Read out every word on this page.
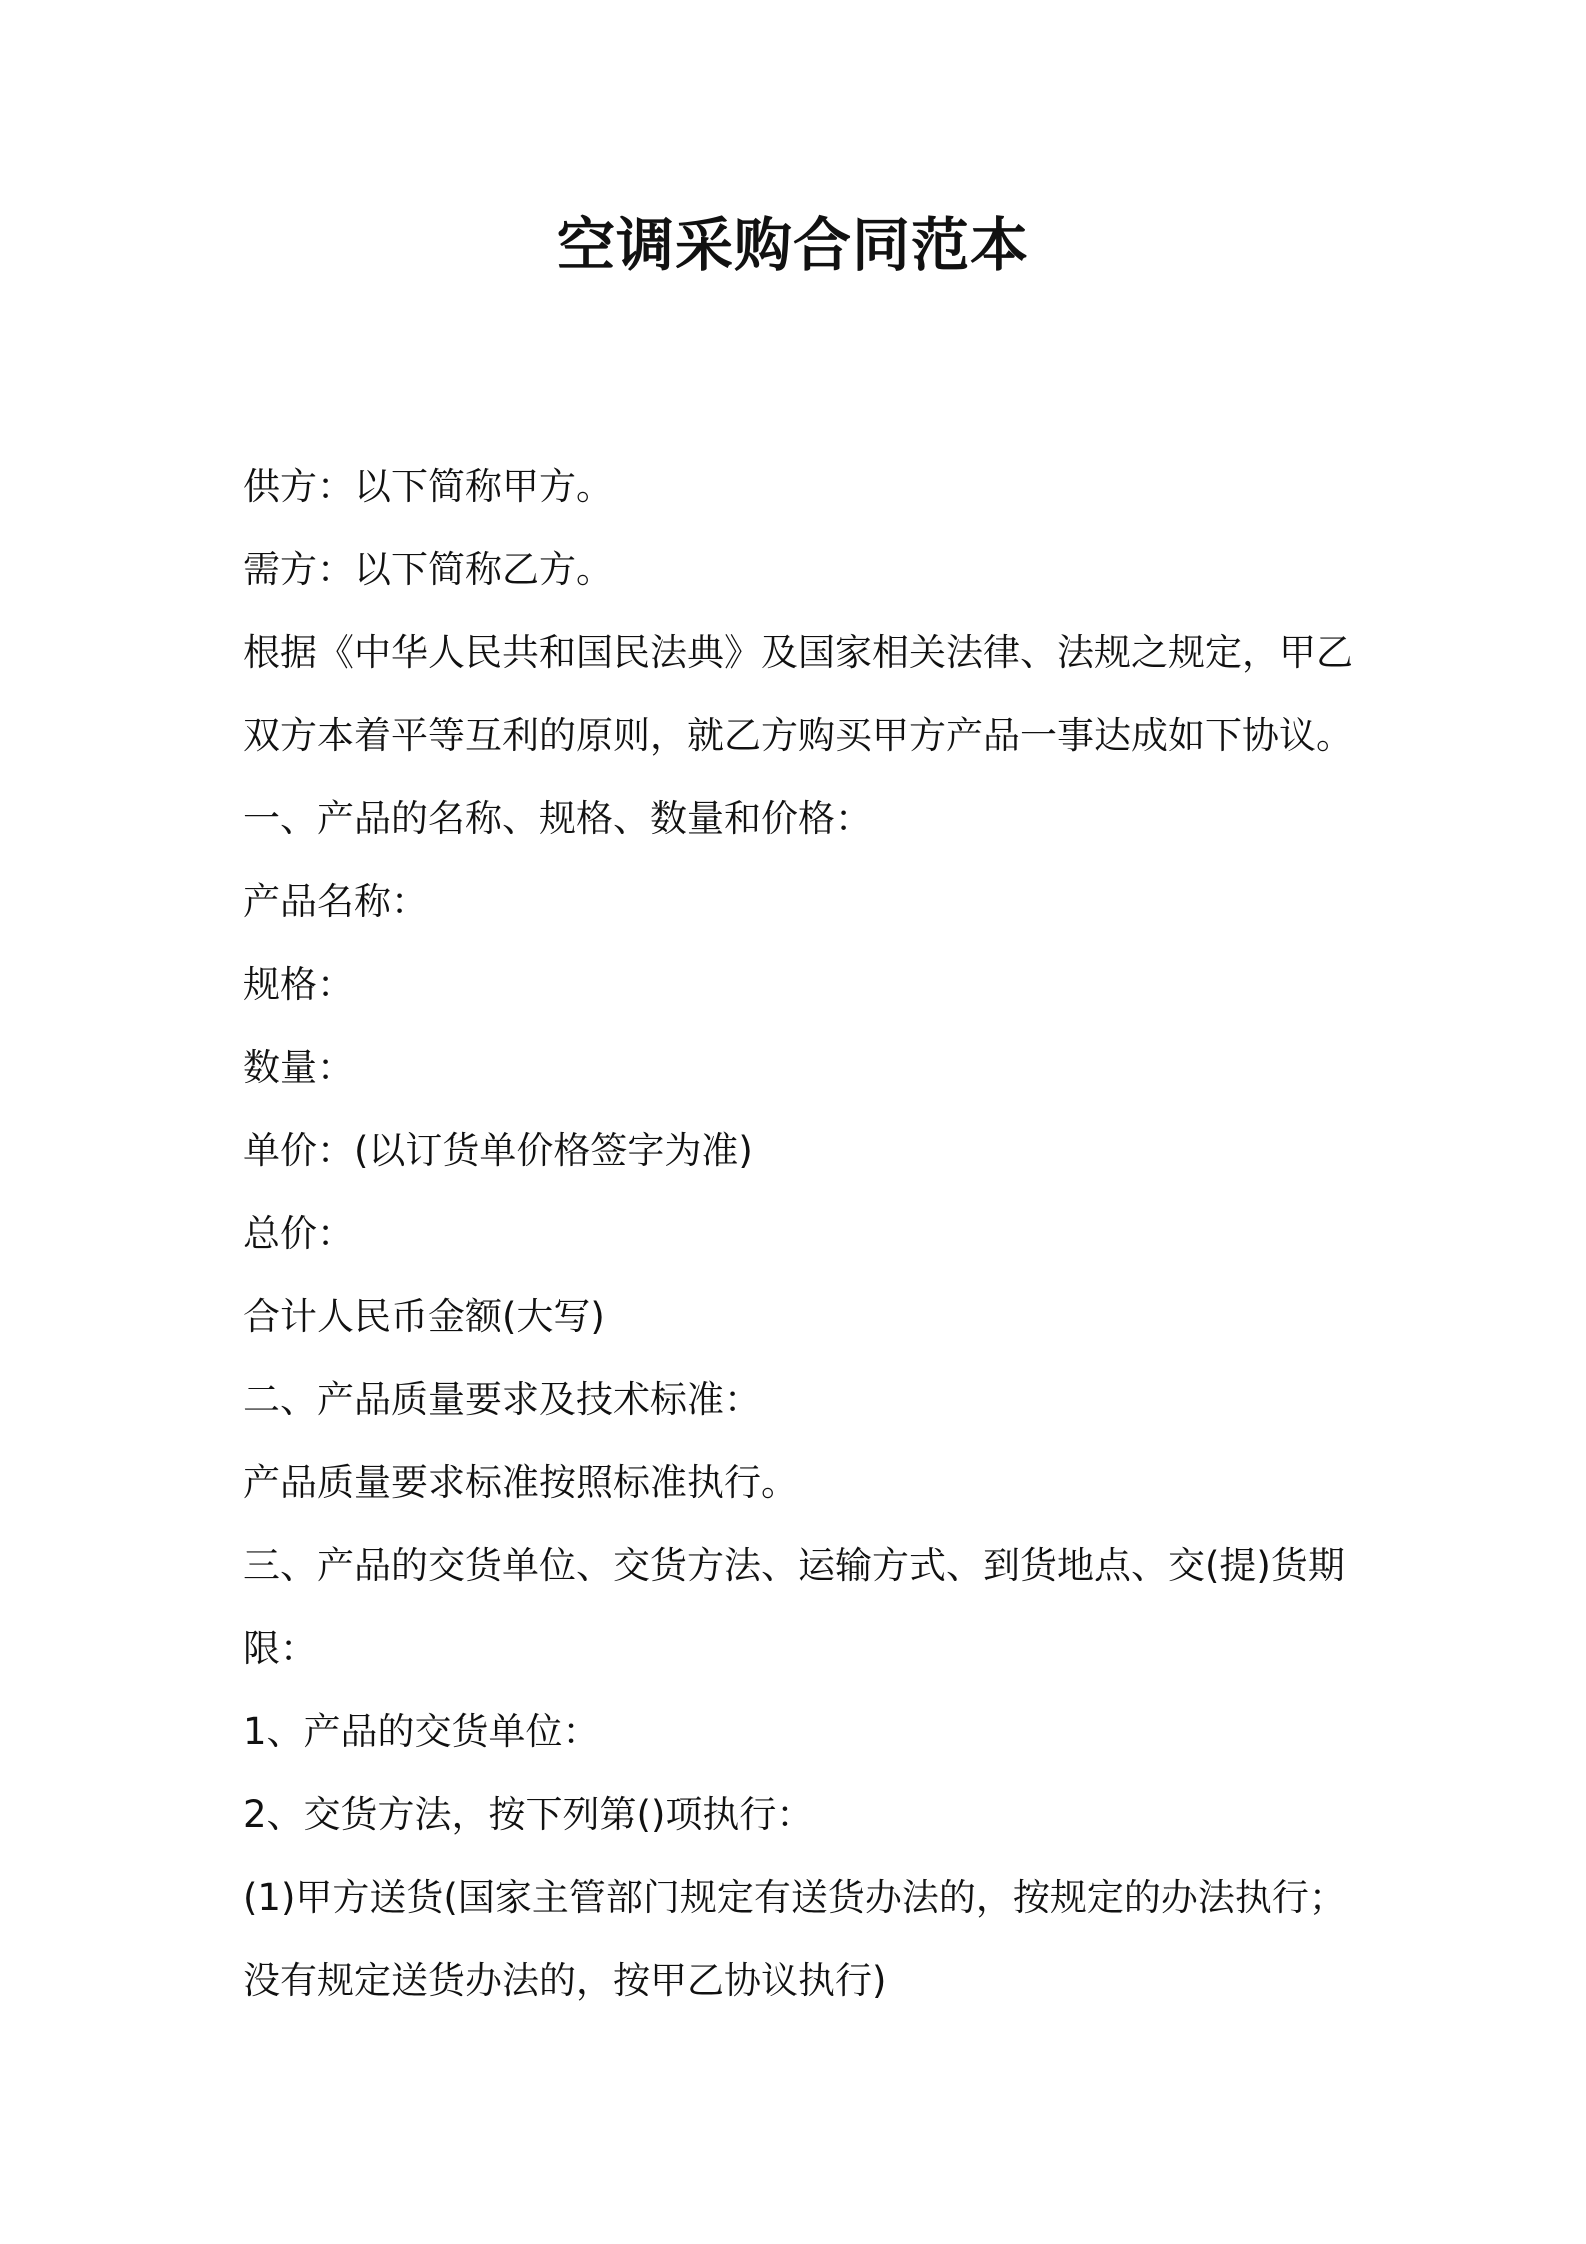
空调采购合同范本

供方：以下简称甲方。

需方：以下简称乙方。

根据《中华人民共和国民法典》及国家相关法律、法规之规定，甲乙

双方本着平等互利的原则，就乙方购买甲方产品一事达成如下协议。

一、产品的名称、规格、数量和价格：

产品名称：

规格：

数量：

单价：(以订货单价格签字为准)

总价：

合计人民币金额(大写)

二、产品质量要求及技术标准：

产品质量要求标准按照标准执行。

三、产品的交货单位、交货方法、运输方式、到货地点、交(提)货期

限：

1、产品的交货单位：

2、交货方法，按下列第()项执行：

(1)甲方送货(国家主管部门规定有送货办法的，按规定的办法执行；

没有规定送货办法的，按甲乙协议执行)
